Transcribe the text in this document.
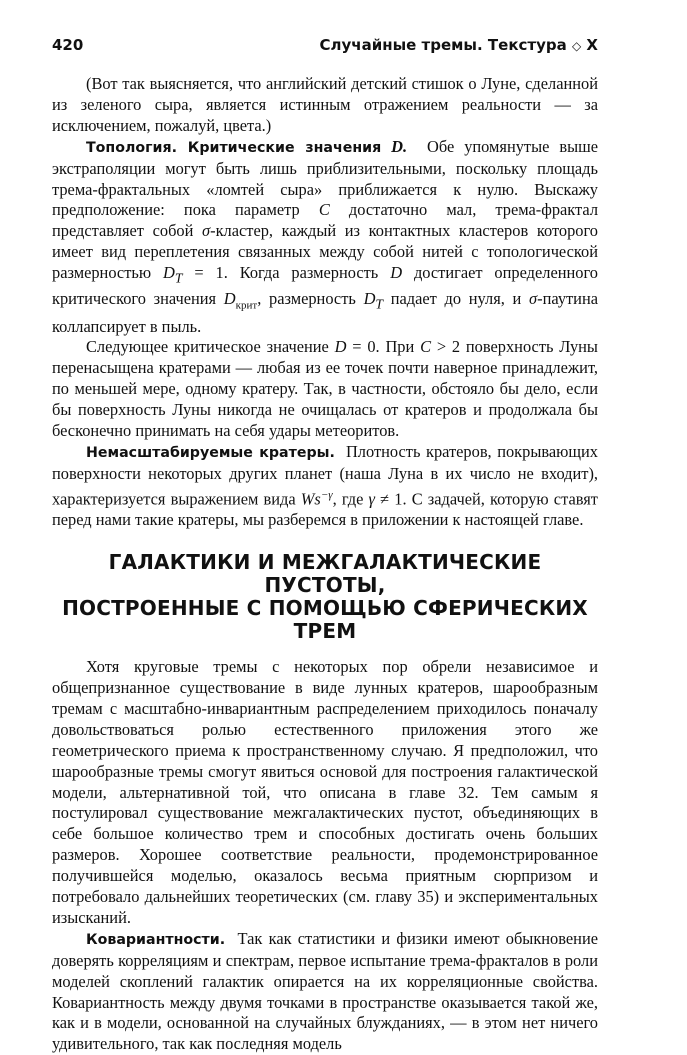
420	Случайные тремы. Текстура ◇ X

(Вот так выясняется, что английский детский стишок о Луне, сделанной из зеленого сыра, является истинным отражением реальности — за исключением, пожалуй, цвета.)

Топология. Критические значения D. Обе упомянутые выше экстраполяции могут быть лишь приблизительными, поскольку площадь трема-фрактальных «ломтей сыра» приближается к нулю. Выскажу предположение: пока параметр C достаточно мал, трема-фрактал представляет собой σ-кластер, каждый из контактных кластеров которого имеет вид переплетения связанных между собой нитей с топологической размерностью $D_T = 1$. Когда размерность D достигает определенного критического значения $D_{крит}$, размерность $D_T$ падает до нуля, и σ-паутина коллапсирует в пыль.

Следующее критическое значение D = 0. При C > 2 поверхность Луны перенасыщена кратерами — любая из ее точек почти наверное принадлежит, по меньшей мере, одному кратеру. Так, в частности, обстояло бы дело, если бы поверхность Луны никогда не очищалась от кратеров и продолжала бы бесконечно принимать на себя удары метеоритов.

Немасштабируемые кратеры. Плотность кратеров, покрывающих поверхности некоторых других планет (наша Луна в их число не входит), характеризуется выражением вида $Ws^{-\gamma}$, где γ ≠ 1. С задачей, которую ставят перед нами такие кратеры, мы разберемся в приложении к настоящей главе.

ГАЛАКТИКИ И МЕЖГАЛАКТИЧЕСКИЕ ПУСТОТЫ,
ПОСТРОЕННЫЕ С ПОМОЩЬЮ СФЕРИЧЕСКИХ ТРЕМ

Хотя круговые тремы с некоторых пор обрели независимое и общепризнанное существование в виде лунных кратеров, шарообразным тремам с масштабно-инвариантным распределением приходилось поначалу довольствоваться ролью естественного приложения этого же геометрического приема к пространственному случаю. Я предположил, что шарообразные тремы смогут явиться основой для построения галактической модели, альтернативной той, что описана в главе 32. Тем самым я постулировал существование межгалактических пустот, объединяющих в себе большое количество трем и способных достигать очень больших размеров. Хорошее соответствие реальности, продемонстрированное получившейся моделью, оказалось весьма приятным сюрпризом и потребовало дальнейших теоретических (см. главу 35) и экспериментальных изысканий.

Ковариантности. Так как статистики и физики имеют обыкновение доверять корреляциям и спектрам, первое испытание трема-фракталов в роли моделей скоплений галактик опирается на их корреляционные свойства. Ковариантность между двумя точками в пространстве оказывается такой же, как и в модели, основанной на случайных блужданиях, — в этом нет ничего удивительного, так как последняя модель
